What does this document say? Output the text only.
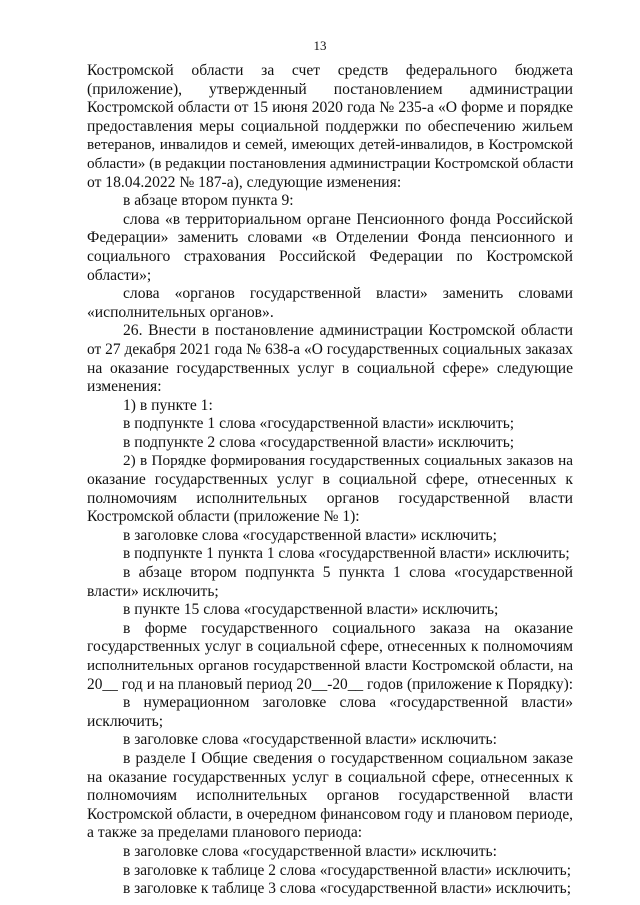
13
Костромской области за счет средств федерального бюджета
(приложение), утвержденный постановлением администрации
Костромской области от 15 июня 2020 года № 235-а «О форме и порядке
предоставления меры социальной поддержки по обеспечению жильем
ветеранов, инвалидов и семей, имеющих детей-инвалидов, в Костромской
области» (в редакции постановления администрации Костромской области
от 18.04.2022 № 187-а), следующие изменения:
в абзаце втором пункта 9:
слова «в территориальном органе Пенсионного фонда Российской
Федерации» заменить словами «в Отделении Фонда пенсионного и
социального страхования Российской Федерации по Костромской
области»;
слова «органов государственной власти» заменить словами
«исполнительных органов».
26. Внести в постановление администрации Костромской области
от 27 декабря 2021 года № 638-а «О государственных социальных заказах
на оказание государственных услуг в социальной сфере» следующие
изменения:
1) в пункте 1:
в подпункте 1 слова «государственной власти» исключить;
в подпункте 2 слова «государственной власти» исключить;
2) в Порядке формирования государственных социальных заказов на
оказание государственных услуг в социальной сфере, отнесенных к
полномочиям исполнительных органов государственной власти
Костромской области (приложение № 1):
в заголовке слова «государственной власти» исключить;
в подпункте 1 пункта 1 слова «государственной власти» исключить;
в абзаце втором подпункта 5 пункта 1 слова «государственной
власти» исключить;
в пункте 15 слова «государственной власти» исключить;
в форме государственного социального заказа на оказание
государственных услуг в социальной сфере, отнесенных к полномочиям
исполнительных органов государственной власти Костромской области, на
20__ год и на плановый период 20__-20__ годов (приложение к Порядку):
в нумерационном заголовке слова «государственной власти»
исключить;
в заголовке слова «государственной власти» исключить:
в разделе I Общие сведения о государственном социальном заказе
на оказание государственных услуг в социальной сфере, отнесенных к
полномочиям исполнительных органов государственной власти
Костромской области, в очередном финансовом году и плановом периоде,
а также за пределами планового периода:
в заголовке слова «государственной власти» исключить:
в заголовке к таблице 2 слова «государственной власти» исключить;
в заголовке к таблице 3 слова «государственной власти» исключить;
